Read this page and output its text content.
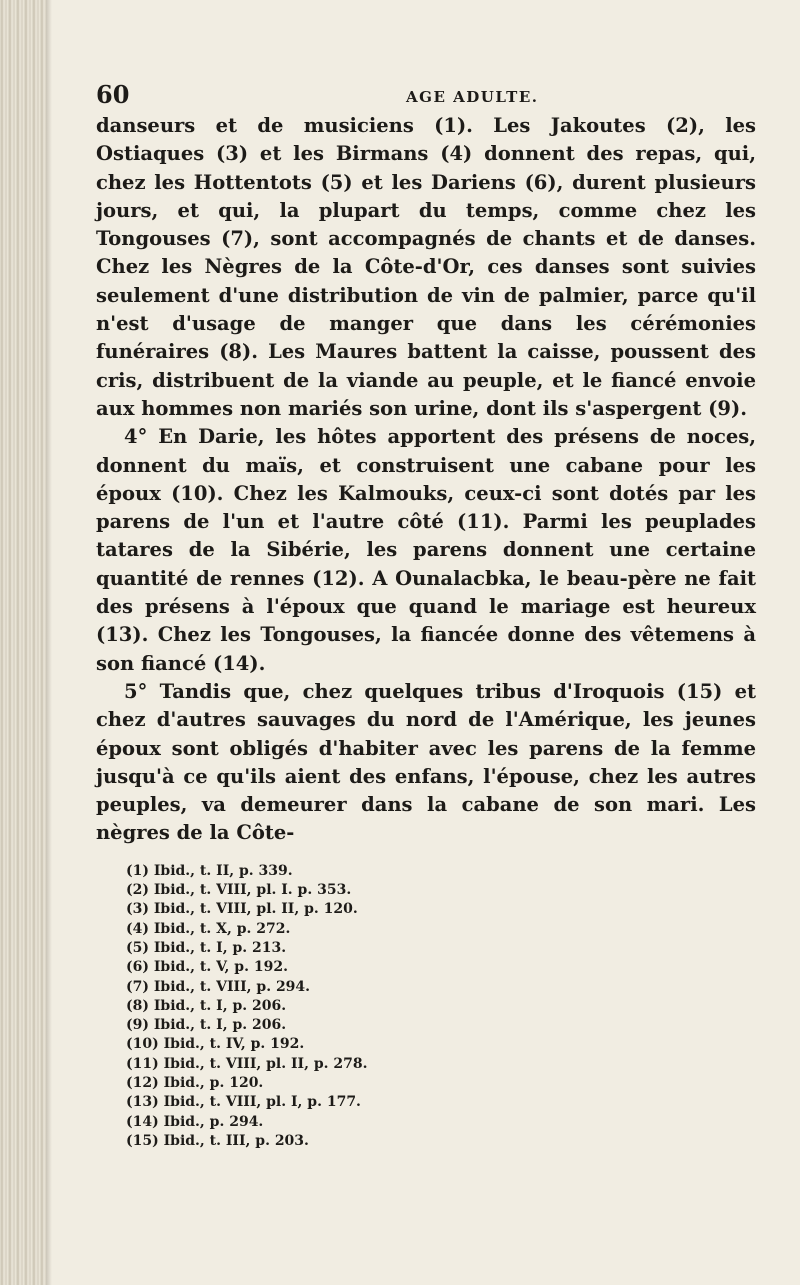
60	AGE ADULTE.

danseurs et de musiciens (1). Les Jakoutes (2), les Ostiaques (3) et les Birmans (4) donnent des repas, qui, chez les Hottentots (5) et les Dariens (6), durent plusieurs jours, et qui, la plupart du temps, comme chez les Tongouses (7), sont accompagnés de chants et de danses. Chez les Nègres de la Côte-d'Or, ces danses sont suivies seulement d'une distribution de vin de palmier, parce qu'il n'est d'usage de manger que dans les cérémonies funéraires (8). Les Maures battent la caisse, poussent des cris, distribuent de la viande au peuple, et le fiancé envoie aux hommes non mariés son urine, dont ils s'aspergent (9).

4° En Darie, les hôtes apportent des présens de noces, donnent du maïs, et construisent une cabane pour les époux (10). Chez les Kalmouks, ceux-ci sont dotés par les parens de l'un et l'autre côté (11). Parmi les peuplades tatares de la Sibérie, les parens donnent une certaine quantité de rennes (12). A Ounalacbka, le beau-père ne fait des présens à l'époux que quand le mariage est heureux (13). Chez les Tongouses, la fiancée donne des vêtemens à son fiancé (14).

5° Tandis que, chez quelques tribus d'Iroquois (15) et chez d'autres sauvages du nord de l'Amérique, les jeunes époux sont obligés d'habiter avec les parens de la femme jusqu'à ce qu'ils aient des enfans, l'épouse, chez les autres peuples, va demeurer dans la cabane de son mari. Les nègres de la Côte-

(1) Ibid., t. II, p. 339.
(2) Ibid., t. VIII, pl. I. p. 353.
(3) Ibid., t. VIII, pl. II, p. 120.
(4) Ibid., t. X, p. 272.
(5) Ibid., t. I, p. 213.
(6) Ibid., t. V, p. 192.
(7) Ibid., t. VIII, p. 294.
(8) Ibid., t. I, p. 206.
(9) Ibid., t. I, p. 206.
(10) Ibid., t. IV, p. 192.
(11) Ibid., t. VIII, pl. II, p. 278.
(12) Ibid., p. 120.
(13) Ibid., t. VIII, pl. I, p. 177.
(14) Ibid., p. 294.
(15) Ibid., t. III, p. 203.
